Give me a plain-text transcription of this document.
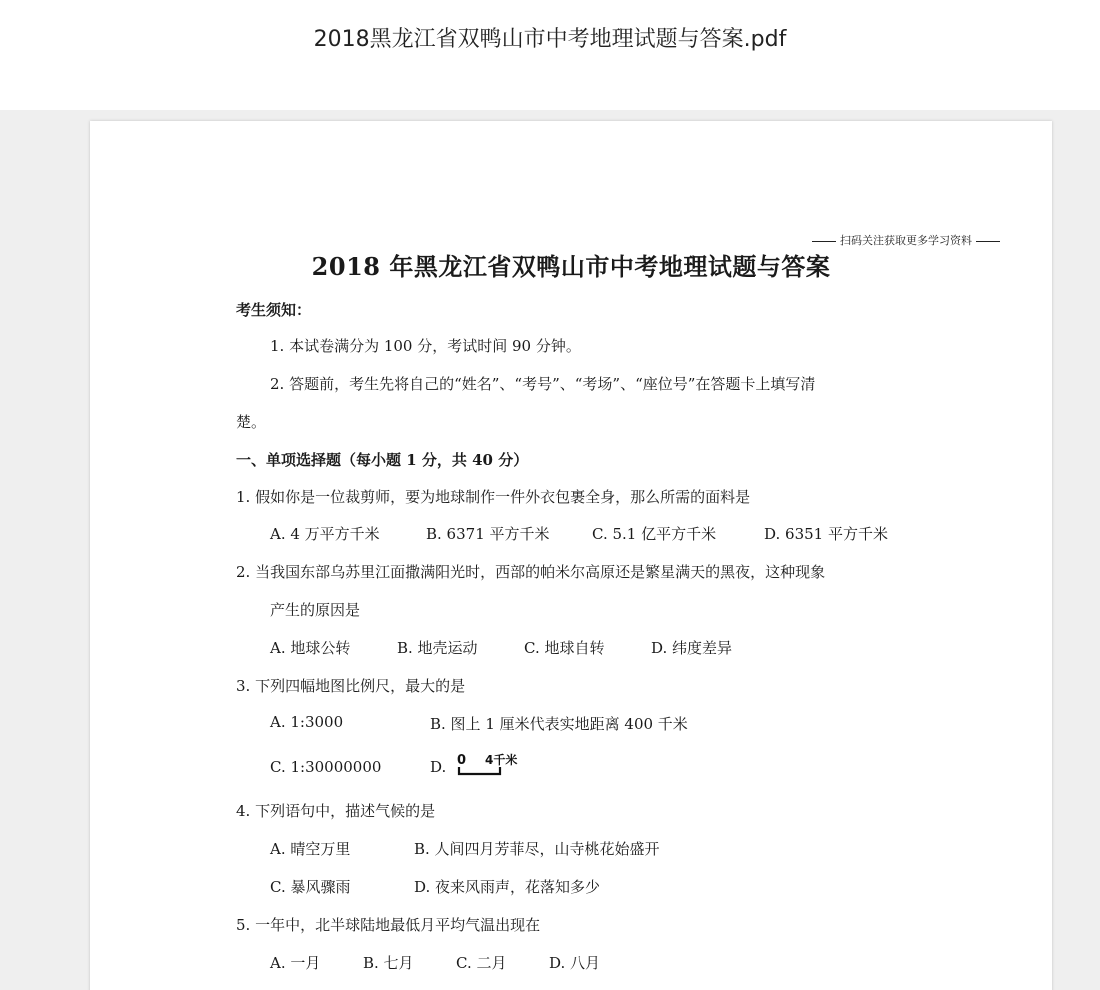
2018黑龙江省双鸭山市中考地理试题与答案.pdf
扫码关注获取更多学习资料
2018 年黑龙江省双鸭山市中考地理试题与答案
考生须知：
1. 本试卷满分为 100 分，考试时间 90 分钟。
2. 答题前，考生先将自己的“姓名”、“考号”、“考场”、“座位号”在答题卡上填写清
楚。
一、单项选择题（每小题 1 分，共 40 分）
1. 假如你是一位裁剪师，要为地球制作一件外衣包裹全身，那么所需的面料是
A. 4 万平方千米	B. 6371 平方千米	C. 5.1 亿平方千米	D. 6351 平方千米
2. 当我国东部乌苏里江面撒满阳光时，西部的帕米尔高原还是繁星满天的黑夜，这种现象
产生的原因是
A. 地球公转	B. 地壳运动	C. 地球自转	D. 纬度差异
3. 下列四幅地图比例尺，最大的是
A. 1:3000	B. 图上 1 厘米代表实地距离 400 千米
C. 1:30000000	D. 0 4千米
4. 下列语句中，描述气候的是
A. 晴空万里	B. 人间四月芳菲尽，山寺桃花始盛开
C. 暴风骤雨	D. 夜来风雨声，花落知多少
5. 一年中，北半球陆地最低月平均气温出现在
A. 一月	B. 七月	C. 二月	D. 八月
